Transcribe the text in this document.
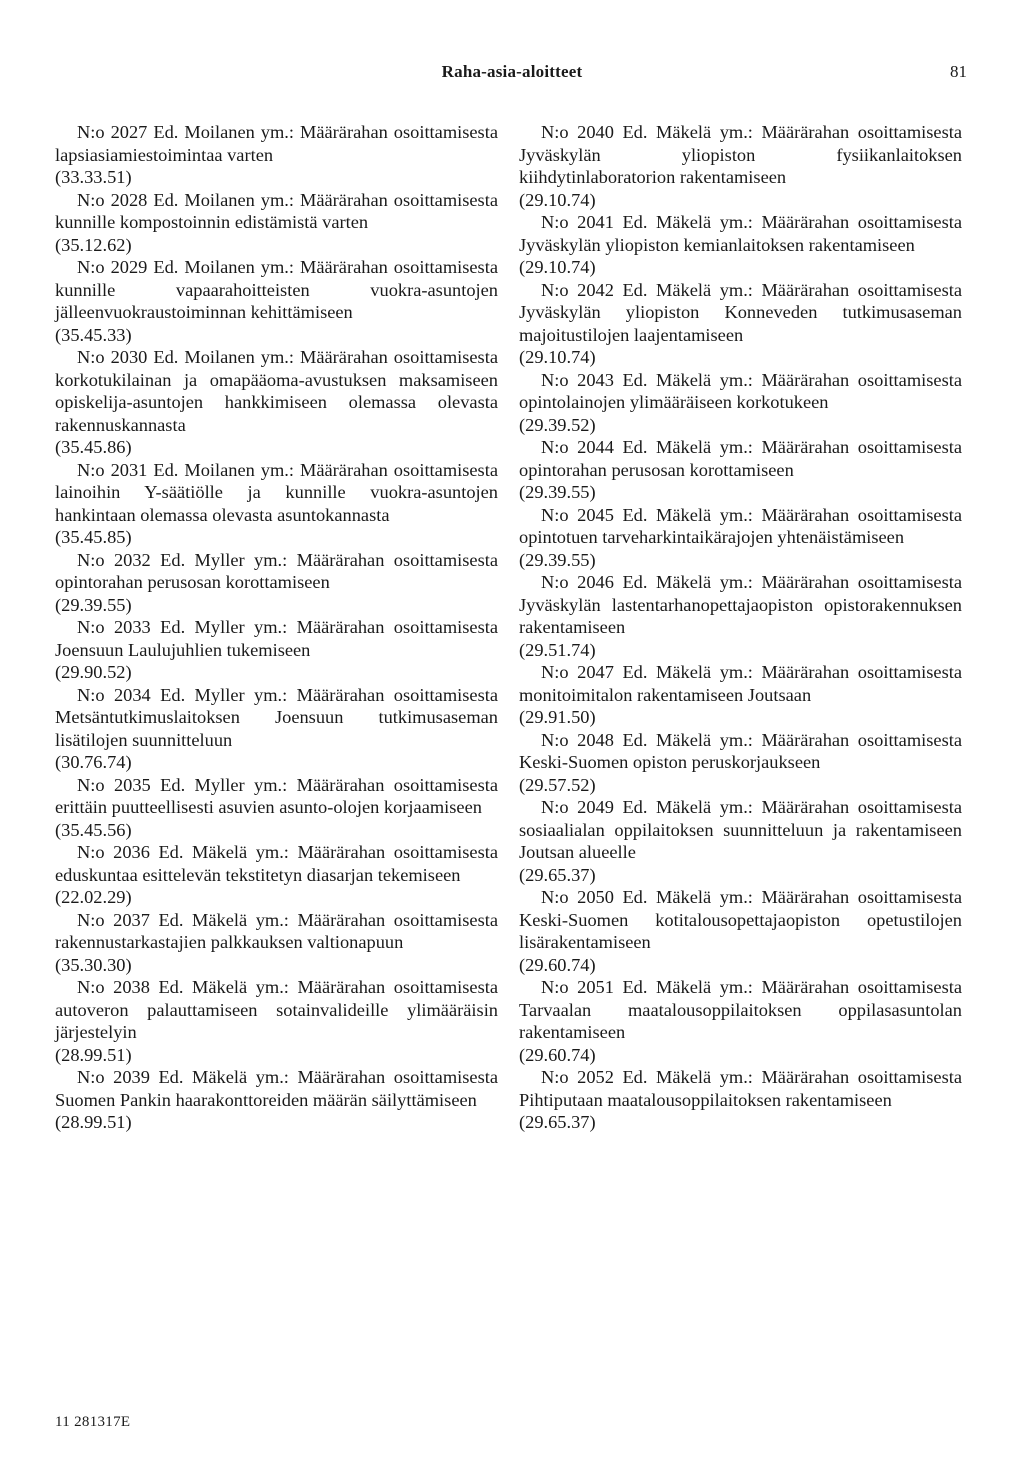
Raha-asia-aloitteet	81
N:o 2027 Ed. Moilanen ym.: Määrärahan osoittamisesta lapsiasiamiestoimintaa varten
(33.33.51)
N:o 2028 Ed. Moilanen ym.: Määrärahan osoittamisesta kunnille kompostoinnin edistämistä varten
(35.12.62)
N:o 2029 Ed. Moilanen ym.: Määrärahan osoittamisesta kunnille vapaarahoitteisten vuokra-asuntojen jälleenvuokraustoiminnan kehittämiseen
(35.45.33)
N:o 2030 Ed. Moilanen ym.: Määrärahan osoittamisesta korkotukilainan ja omapääoma-avustuksen maksamiseen opiskelija-asuntojen hankkimiseen olemassa olevasta rakennuskannasta
(35.45.86)
N:o 2031 Ed. Moilanen ym.: Määrärahan osoittamisesta lainoihin Y-säätiölle ja kunnille vuokra-asuntojen hankintaan olemassa olevasta asuntokannasta
(35.45.85)
N:o 2032 Ed. Myller ym.: Määrärahan osoittamisesta opintorahan perusosan korottamiseen
(29.39.55)
N:o 2033 Ed. Myller ym.: Määrärahan osoittamisesta Joensuun Laulujuhlien tukemiseen
(29.90.52)
N:o 2034 Ed. Myller ym.: Määrärahan osoittamisesta Metsäntutkimuslaitoksen Joensuun tutkimusaseman lisätilojen suunnitteluun
(30.76.74)
N:o 2035 Ed. Myller ym.: Määrärahan osoittamisesta erittäin puutteellisesti asuvien asunto-olojen korjaamiseen
(35.45.56)
N:o 2036 Ed. Mäkelä ym.: Määrärahan osoittamisesta eduskuntaa esittelevän tekstitetyn diasarjan tekemiseen
(22.02.29)
N:o 2037 Ed. Mäkelä ym.: Määrärahan osoittamisesta rakennustarkastajien palkkauksen valtionapuun
(35.30.30)
N:o 2038 Ed. Mäkelä ym.: Määrärahan osoittamisesta autoveron palauttamiseen sotainvalideille ylimääräisin järjestelyin
(28.99.51)
N:o 2039 Ed. Mäkelä ym.: Määrärahan osoittamisesta Suomen Pankin haarakonttoreiden määrän säilyttämiseen
(28.99.51)
N:o 2040 Ed. Mäkelä ym.: Määrärahan osoittamisesta Jyväskylän yliopiston fysiikanlaitoksen kiihdytinlaboratorion rakentamiseen
(29.10.74)
N:o 2041 Ed. Mäkelä ym.: Määrärahan osoittamisesta Jyväskylän yliopiston kemianlaitoksen rakentamiseen
(29.10.74)
N:o 2042 Ed. Mäkelä ym.: Määrärahan osoittamisesta Jyväskylän yliopiston Konneveden tutkimusaseman majoitustilojen laajentamiseen
(29.10.74)
N:o 2043 Ed. Mäkelä ym.: Määrärahan osoittamisesta opintolainojen ylimääräiseen korkotukeen
(29.39.52)
N:o 2044 Ed. Mäkelä ym.: Määrärahan osoittamisesta opintorahan perusosan korottamiseen
(29.39.55)
N:o 2045 Ed. Mäkelä ym.: Määrärahan osoittamisesta opintotuen tarveharkintaikärajojen yhtenäistämiseen
(29.39.55)
N:o 2046 Ed. Mäkelä ym.: Määrärahan osoittamisesta Jyväskylän lastentarhanopettajaopiston opistorakennuksen rakentamiseen
(29.51.74)
N:o 2047 Ed. Mäkelä ym.: Määrärahan osoittamisesta monitoimitalon rakentamiseen Joutsaan
(29.91.50)
N:o 2048 Ed. Mäkelä ym.: Määrärahan osoittamisesta Keski-Suomen opiston peruskorjaukseen
(29.57.52)
N:o 2049 Ed. Mäkelä ym.: Määrärahan osoittamisesta sosiaalialan oppilaitoksen suunnitteluun ja rakentamiseen Joutsan alueelle
(29.65.37)
N:o 2050 Ed. Mäkelä ym.: Määrärahan osoittamisesta Keski-Suomen kotitalousopettajaopiston opetustilojen lisärakentamiseen
(29.60.74)
N:o 2051 Ed. Mäkelä ym.: Määrärahan osoittamisesta Tarvaalan maatalousoppilaitoksen oppilasasuntolan rakentamiseen
(29.60.74)
N:o 2052 Ed. Mäkelä ym.: Määrärahan osoittamisesta Pihtiputaan maatalousoppilaitoksen rakentamiseen
(29.65.37)
11 281317E
